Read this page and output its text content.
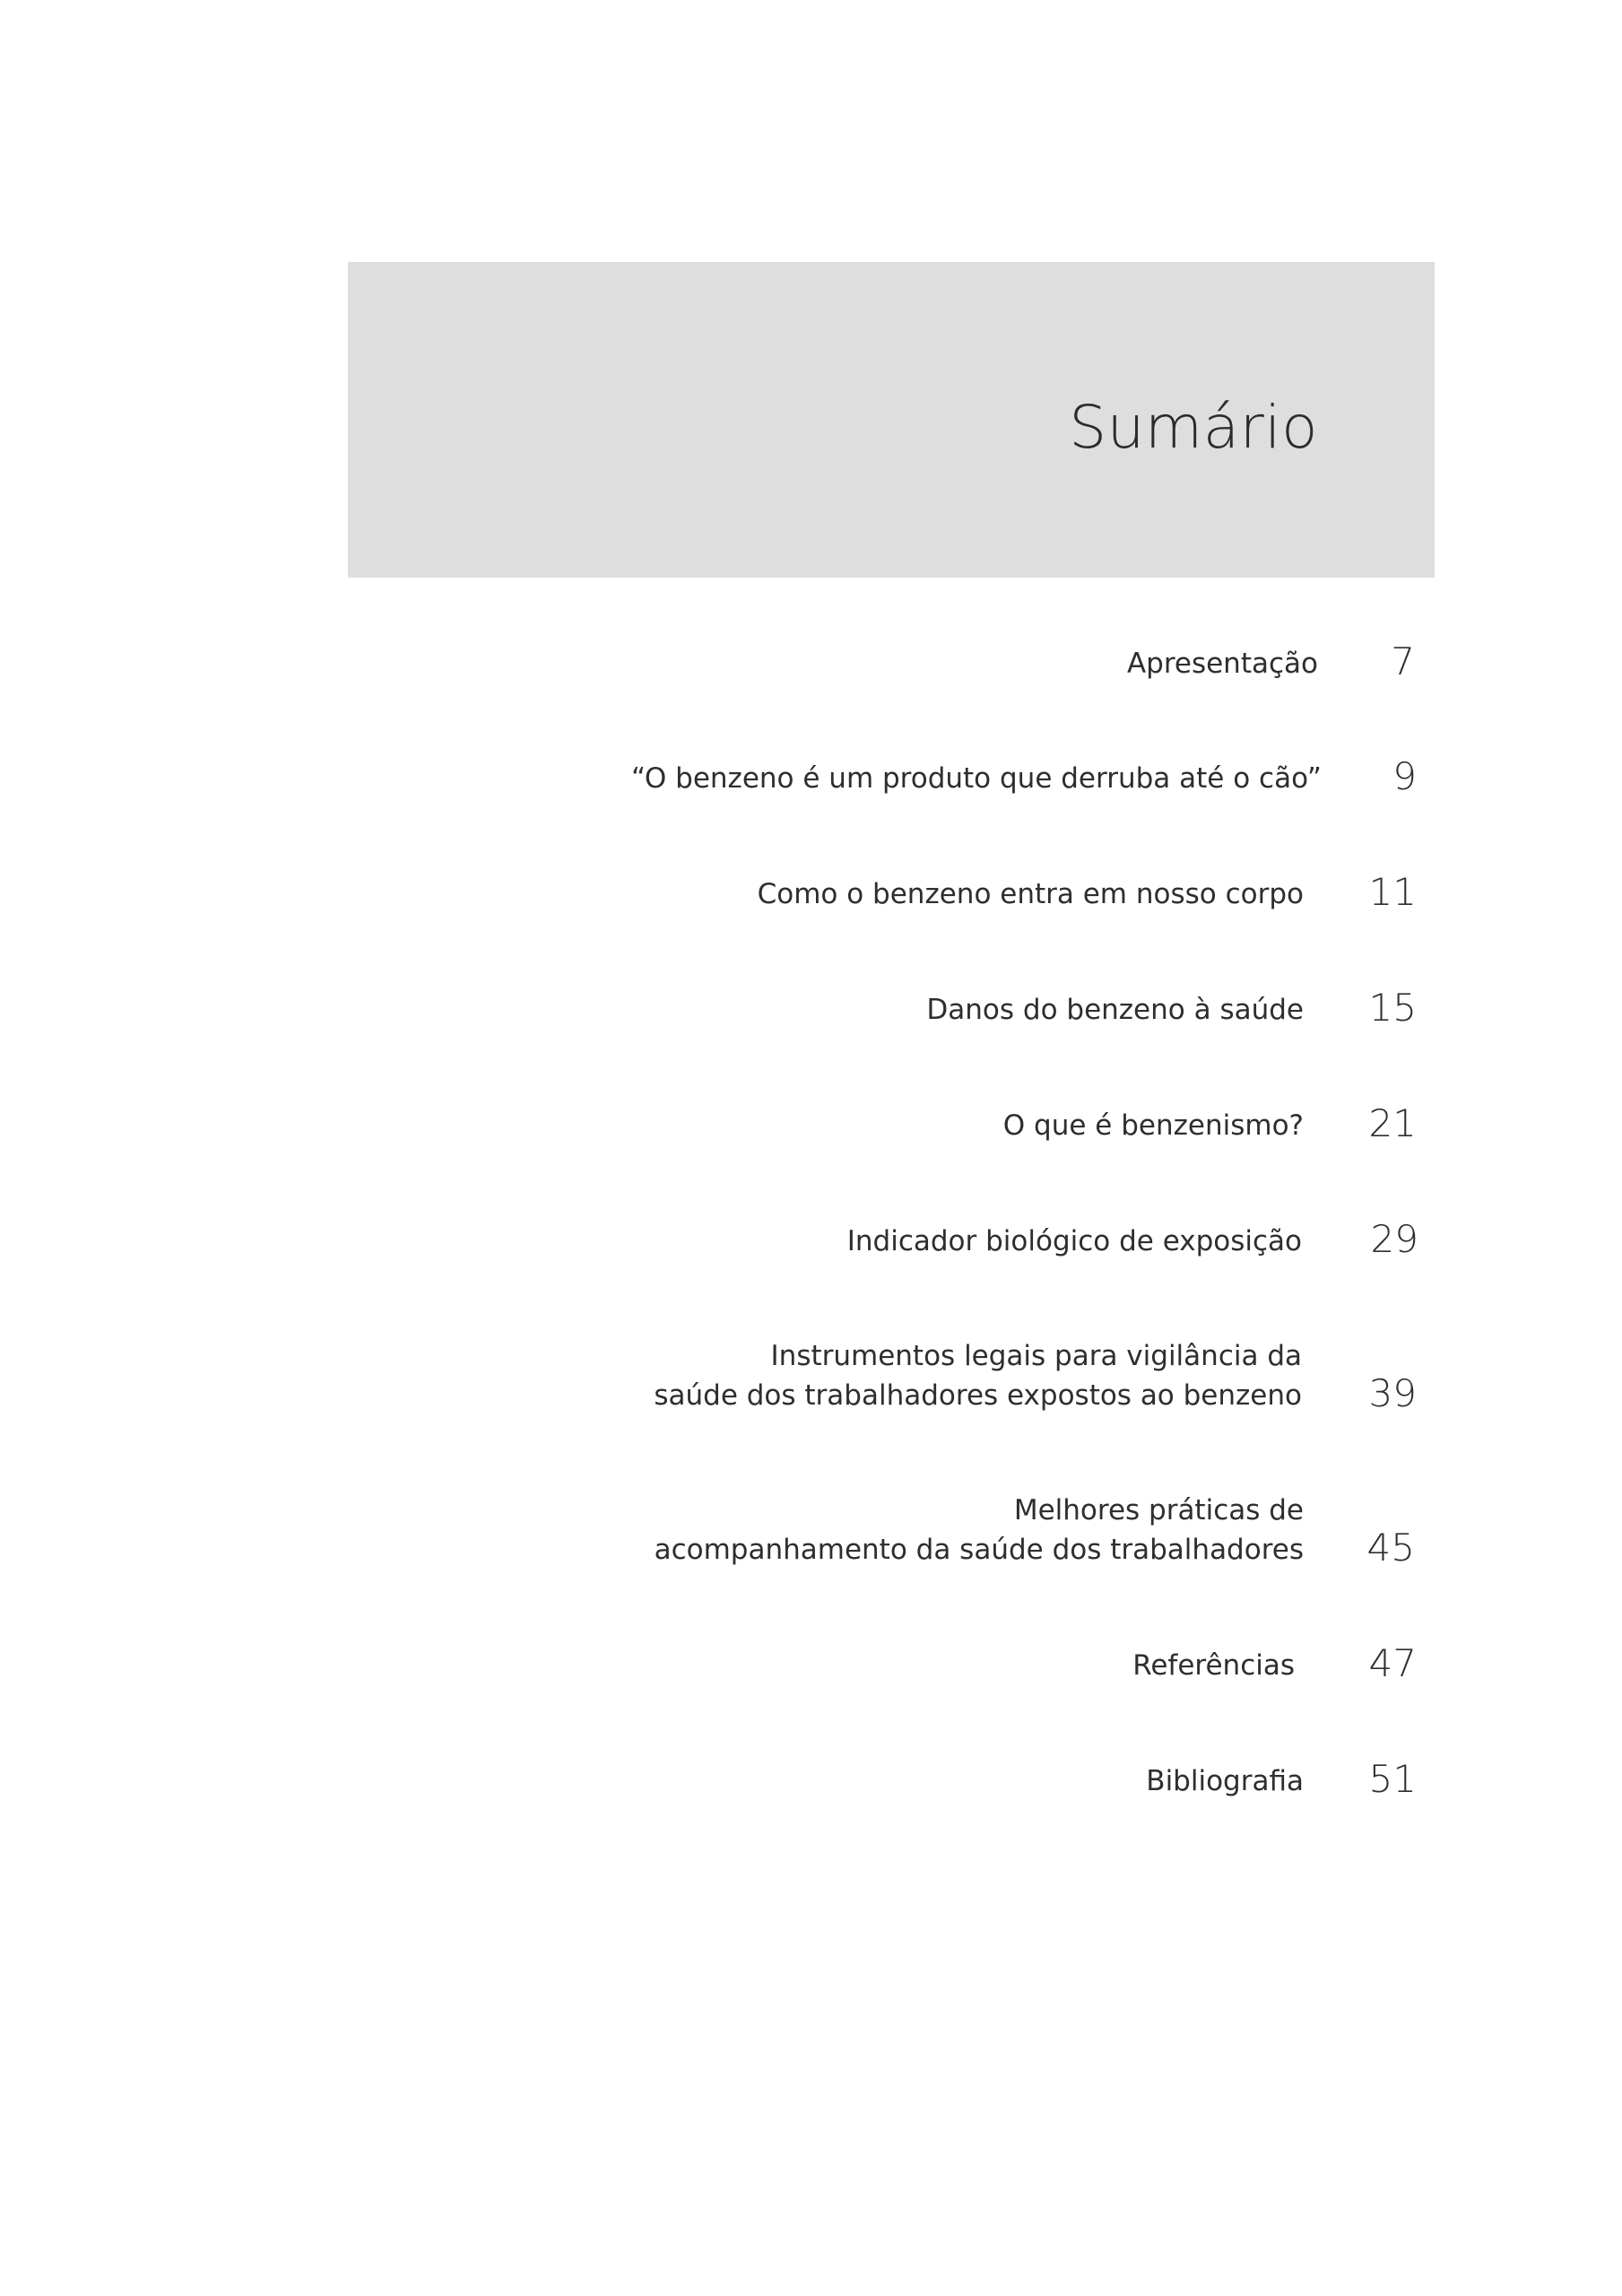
Sumário
Apresentação 7
“O benzeno é um produto que derruba até o cão” 9
Como o benzeno entra em nosso corpo 11
Danos do benzeno à saúde 15
O que é benzenismo? 21
Indicador biológico de exposição 29
Instrumentos legais para vigilância da
saúde dos trabalhadores expostos ao benzeno 39
Melhores práticas de
acompanhamento da saúde dos trabalhadores 45
Referências 47
Bibliografia 51
